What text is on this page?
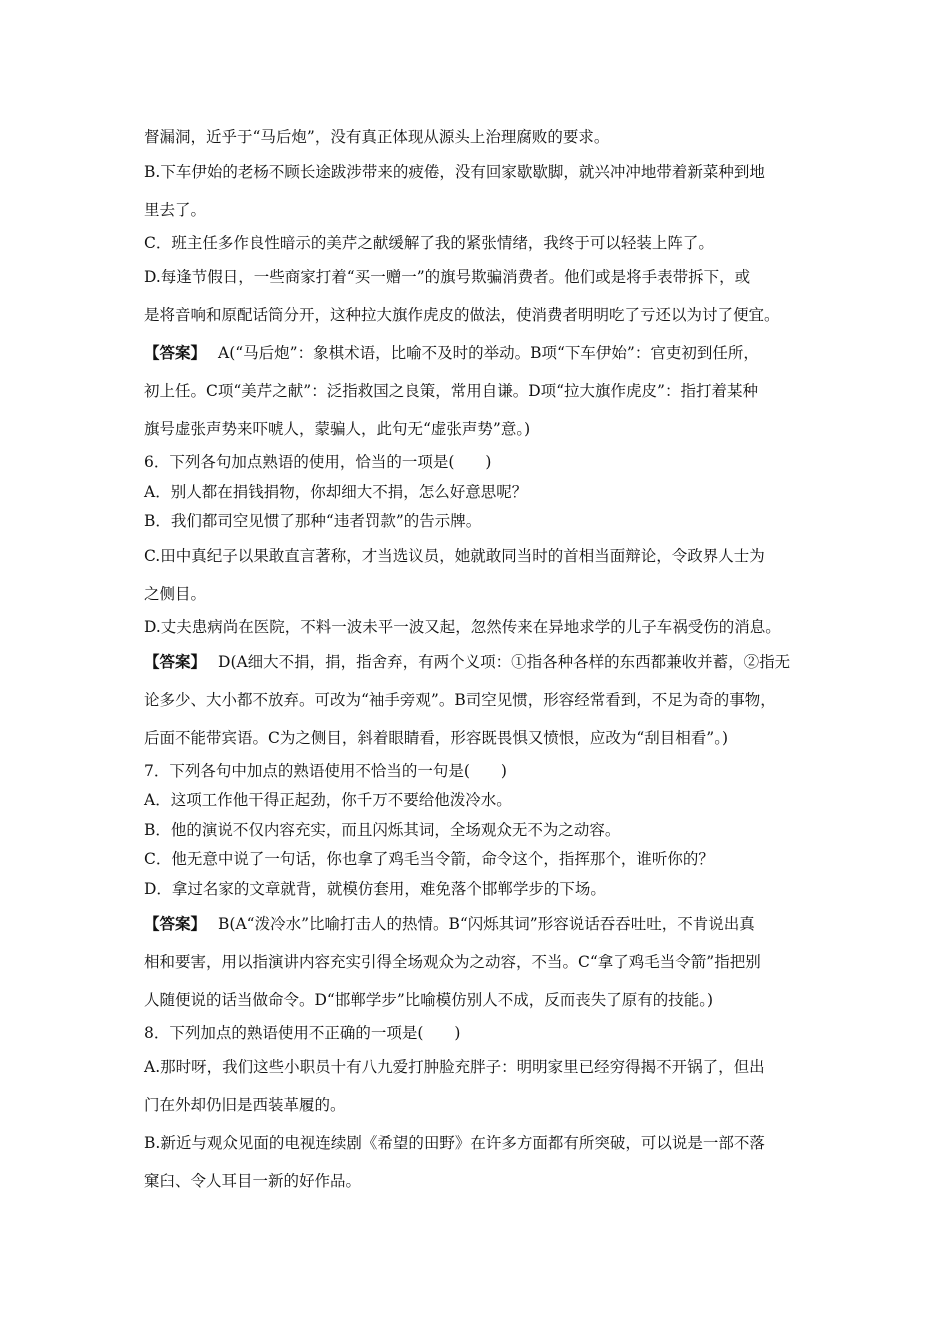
督漏洞，近乎于“马后炮”，没有真正体现从源头上治理腐败的要求。
B.下车伊始的老杨不顾长途跋涉带来的疲倦，没有回家歇歇脚，就兴冲冲地带着新菜种到地
里去了。
C．班主任多作良性暗示的美芹之献缓解了我的紧张情绪，我终于可以轻装上阵了。
D.每逢节假日，一些商家打着“买一赠一”的旗号欺骗消费者。他们或是将手表带拆下，或
是将音响和原配话筒分开，这种拉大旗作虎皮的做法，使消费者明明吃了亏还以为讨了便宜。
【答案】 A(“马后炮”：象棋术语，比喻不及时的举动。B项“下车伊始”：官吏初到任所，
初上任。C项“美芹之献”：泛指救国之良策，常用自谦。D项“拉大旗作虎皮”：指打着某种
旗号虚张声势来吓唬人，蒙骗人，此句无“虚张声势”意。)
6．下列各句加点熟语的使用，恰当的一项是(　　)
A．别人都在捐钱捐物，你却细大不捐，怎么好意思呢？
B．我们都司空见惯了那种“违者罚款”的告示牌。
C.田中真纪子以果敢直言著称，才当选议员，她就敢同当时的首相当面辩论，令政界人士为
之侧目。
D.丈夫患病尚在医院，不料一波未平一波又起，忽然传来在异地求学的儿子车祸受伤的消息。
【答案】 D(A细大不捐，捐，指舍弃，有两个义项：①指各种各样的东西都兼收并蓄，②指无
论多少、大小都不放弃。可改为“袖手旁观”。B司空见惯，形容经常看到，不足为奇的事物，
后面不能带宾语。C为之侧目，斜着眼睛看，形容既畏惧又愤恨，应改为“刮目相看”。)
7．下列各句中加点的熟语使用不恰当的一句是(　　)
A．这项工作他干得正起劲，你千万不要给他泼冷水。
B．他的演说不仅内容充实，而且闪烁其词，全场观众无不为之动容。
C．他无意中说了一句话，你也拿了鸡毛当令箭，命令这个，指挥那个，谁听你的？
D．拿过名家的文章就背，就模仿套用，难免落个邯郸学步的下场。
【答案】 B(A“泼冷水”比喻打击人的热情。B“闪烁其词”形容说话吞吞吐吐，不肯说出真
相和要害，用以指演讲内容充实引得全场观众为之动容，不当。C“拿了鸡毛当令箭”指把别
人随便说的话当做命令。D“邯郸学步”比喻模仿别人不成，反而丧失了原有的技能。)
8．下列加点的熟语使用不正确的一项是(　　)
A.那时呀，我们这些小职员十有八九爱打肿脸充胖子：明明家里已经穷得揭不开锅了，但出
门在外却仍旧是西装革履的。
B.新近与观众见面的电视连续剧《希望的田野》在许多方面都有所突破，可以说是一部不落
窠臼、令人耳目一新的好作品。
